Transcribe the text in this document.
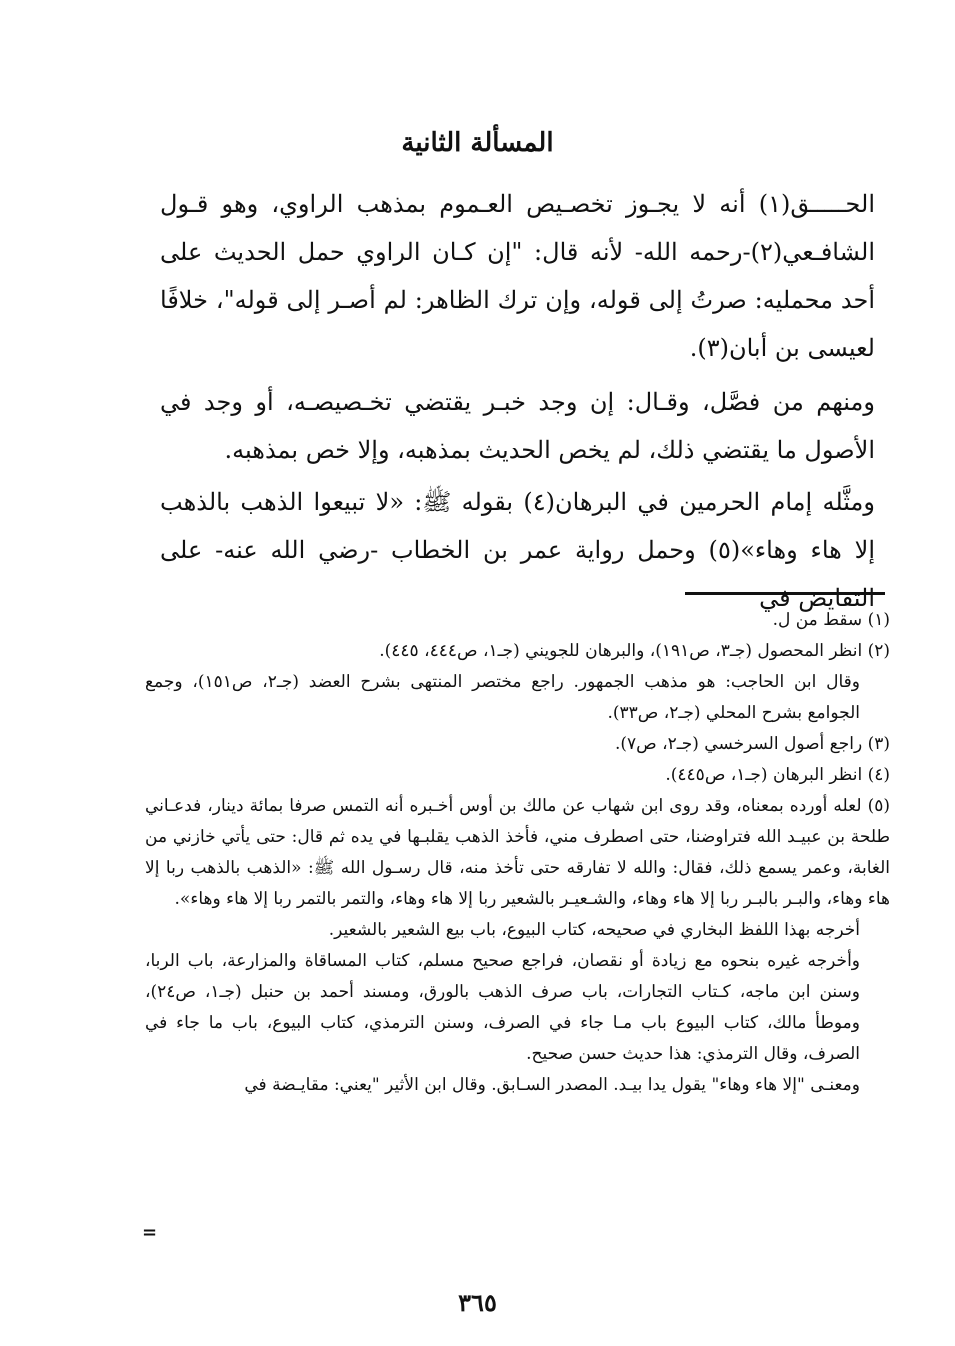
المسألة الثانية

الحـــــق(١) أنه لا يجـوز تخصـيص العـموم بمذهب الراوي، وهو قـول الشافـعي(٢)-رحمه الله- لأنه قال: "إن كـان الراوي حمل الحديث على أحد محمليه: صرتُ إلى قوله، وإن ترك الظاهر: لم أصـر إلى قوله"، خلافًا لعيسى بن أبان(٣).

ومنهم من فصَّل، وقـال: إن وجد خبـر يقتضي تخـصيصـه، أو وجد في الأصول ما يقتضي ذلك، لم يخص الحديث بمذهبه، وإلا خص بمذهبه.

ومثَّله إمام الحرمين في البرهان(٤) بقوله ﷺ: «لا تبيعوا الذهب بالذهب إلا هاء وهاء»(٥) وحمل رواية عمر بن الخطاب -رضي الله عنه- على التقايض في

(١) سقط من ل.

(٢) انظر المحصول (جـ٣، ص١٩١)، والبرهان للجويني (جـ١، ص٤٤٤، ٤٤٥).

وقال ابن الحاجب: هو مذهب الجمهور. راجع مختصر المنتهى بشرح العضد (جـ٢، ص١٥١)، وجمع الجوامع بشرح المحلي (جـ٢، ص٣٣).

(٣) راجع أصول السرخسي (جـ٢، ص٧).

(٤) انظر البرهان (جـ١، ص٤٤٥).

(٥) لعله أورده بمعناه، وقد روى ابن شهاب عن مالك بن أوس أخـبره أنه التمس صرفا بمائة دينار، فدعـاني طلحة بن عبيـد الله فتراوضنا، حتى اصطرف مني، فأخذ الذهب يقلبـها في يده ثم قال: حتى يأتي خازني من الغابة، وعمر يسمع ذلك، فقال: والله لا تفارقه حتى تأخذ منه، قال رسـول الله ﷺ: «الذهب بالذهب ربا إلا هاء وهاء، والبـر بالبـر ربا إلا هاء وهاء، والشـعيـر بالشعير ربا إلا هاء وهاء، والتمر بالتمر ربا إلا هاء وهاء».

أخرجه بهذا اللفظ البخاري في صحيحه، كتاب البيوع، باب بيع الشعير بالشعير.

وأخرجه غيره بنحوه مع زيادة أو نقصان، فراجع صحيح مسلم، كتاب المساقاة والمزارعة، باب الربا، وسنن ابن ماجه، كـتاب التجارات، باب صرف الذهب بالورق، ومسند أحمد بن حنبل (جـ١، ص٢٤)، وموطأ مالك، كتاب البيوع باب مـا جاء في الصرف، وسنن الترمذي، كتاب البيوع، باب ما جاء في الصرف، وقال الترمذي: هذا حديث حسن صحيح.

ومعنـى "إلا هاء وهاء" يقول يدا بيـد. المصدر السـابق. وقال ابن الأثير "يعني: مقايـضة في

=
٣٦٥
